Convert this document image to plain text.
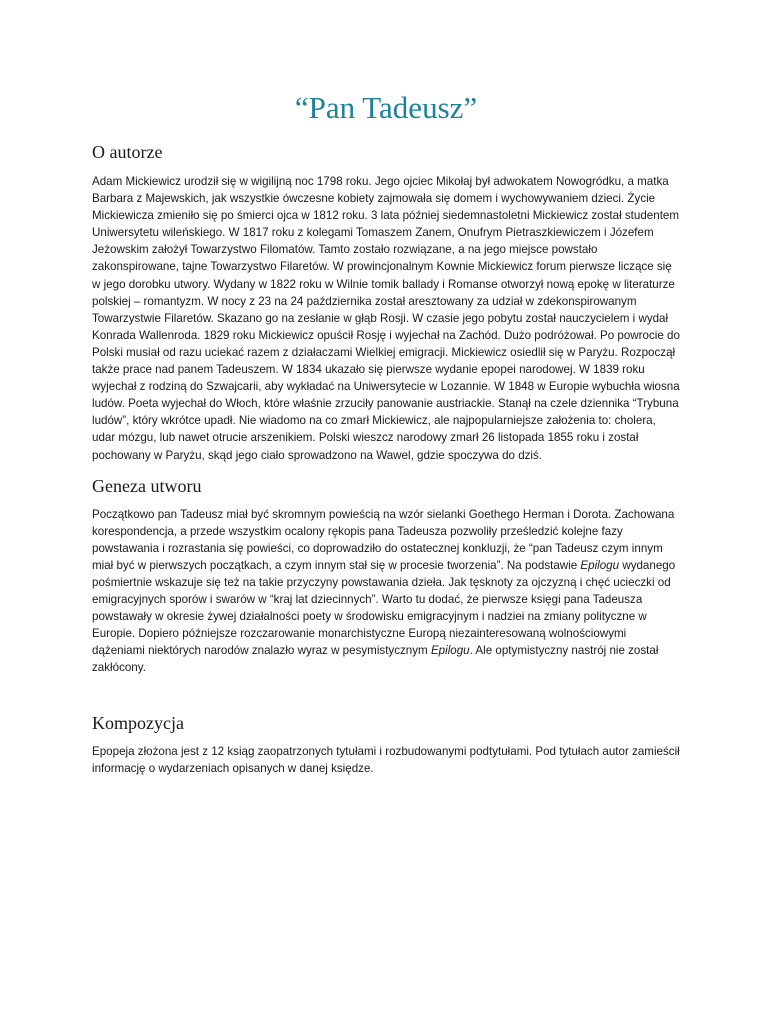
“Pan Tadeusz”
O autorze

Adam Mickiewicz urodził się w wigilijną noc 1798 roku. Jego ojciec Mikołaj był adwokatem Nowogródku, a matka Barbara z Majewskich, jak wszystkie ówczesne kobiety zajmowała się domem i wychowywaniem dzieci. Życie Mickiewicza zmieniło się po śmierci ojca w 1812 roku. 3 lata później siedemnastoletni Mickiewicz został studentem Uniwersytetu wileńskiego. W 1817 roku z kolegami Tomaszem Zanem, Onufrym Pietraszkiewiczem i Józefem Jeżowskim założył Towarzystwo Filomatów. Tamto zostało rozwiązane, a na jego miejsce powstało zakonspirowane, tajne Towarzystwo Filaretów. W prowincjonalnym Kownie Mickiewicz forum pierwsze liczące się w jego dorobku utwory. Wydany w 1822 roku w Wilnie tomik ballady i Romanse otworzył nową epokę w literaturze polskiej – romantyzm. W nocy z 23 na 24 października został aresztowany za udział w zdekonspirowanym Towarzystwie Filaretów. Skazano go na zesłanie w głąb Rosji. W czasie jego pobytu został nauczycielem i wydał Konrada Wallenroda. 1829 roku Mickiewicz opuścił Rosję i wyjechał na Zachód. Dużo podróżował. Po powrocie do Polski musiał od razu uciekać razem z działaczami Wielkiej emigracji. Mickiewicz osiedlił się w Paryżu. Rozpoczął także prace nad panem Tadeuszem. W 1834 ukazało się pierwsze wydanie epopei narodowej. W 1839 roku wyjechał z rodziną do Szwajcarii, aby wykładać na Uniwersytecie w Lozannie. W 1848 w Europie wybuchła wiosna ludów. Poeta wyjechał do Włoch, które właśnie zrzuciły panowanie austriackie. Stanął na czele dziennika “Trybuna ludów”, który wkrótce upadł. Nie wiadomo na co zmarł Mickiewicz, ale najpopularniejsze założenia to: cholera, udar mózgu, lub nawet otrucie arszenikiem. Polski wieszcz narodowy zmarł 26 listopada 1855 roku i został pochowany w Paryżu, skąd jego ciało sprowadzono na Wawel, gdzie spoczywa do dziś.

Geneza utworu

Początkowo pan Tadeusz miał być skromnym powieścią na wzór sielanki Goethego Herman i Dorota. Zachowana korespondencja, a przede wszystkim ocalony rękopis pana Tadeusza pozwoliły prześledzić kolejne fazy powstawania i rozrastania się powieści, co doprowadziło do ostatecznej konkluzji, że “pan Tadeusz czym innym miał być w pierwszych początkach, a czym innym stał się w procesie tworzenia”. Na podstawie Epilogu wydanego pośmiertnie wskazuje się też na takie przyczyny powstawania dzieła. Jak tęsknoty za ojczyzną i chęć ucieczki od emigracyjnych sporów i swarów w “kraj lat dziecinnych”. Warto tu dodać, że pierwsze księgi pana Tadeusza powstawały w okresie żywej działalności poety w środowisku emigracyjnym i nadziei na zmiany polityczne w Europie. Dopiero późniejsze rozczarowanie monarchistyczne Europą niezainteresowaną wolnościowymi dążeniami niektórych narodów znalazło wyraz w pesymistycznym Epilogu. Ale optymistyczny nastrój nie został zakłócony.

Kompozycja

Epopeja złożona jest z 12 ksiąg zaopatrzonych tytułami i rozbudowanymi podtytułami. Pod tytułach autor zamieścił informację o wydarzeniach opisanych w danej księdze.
